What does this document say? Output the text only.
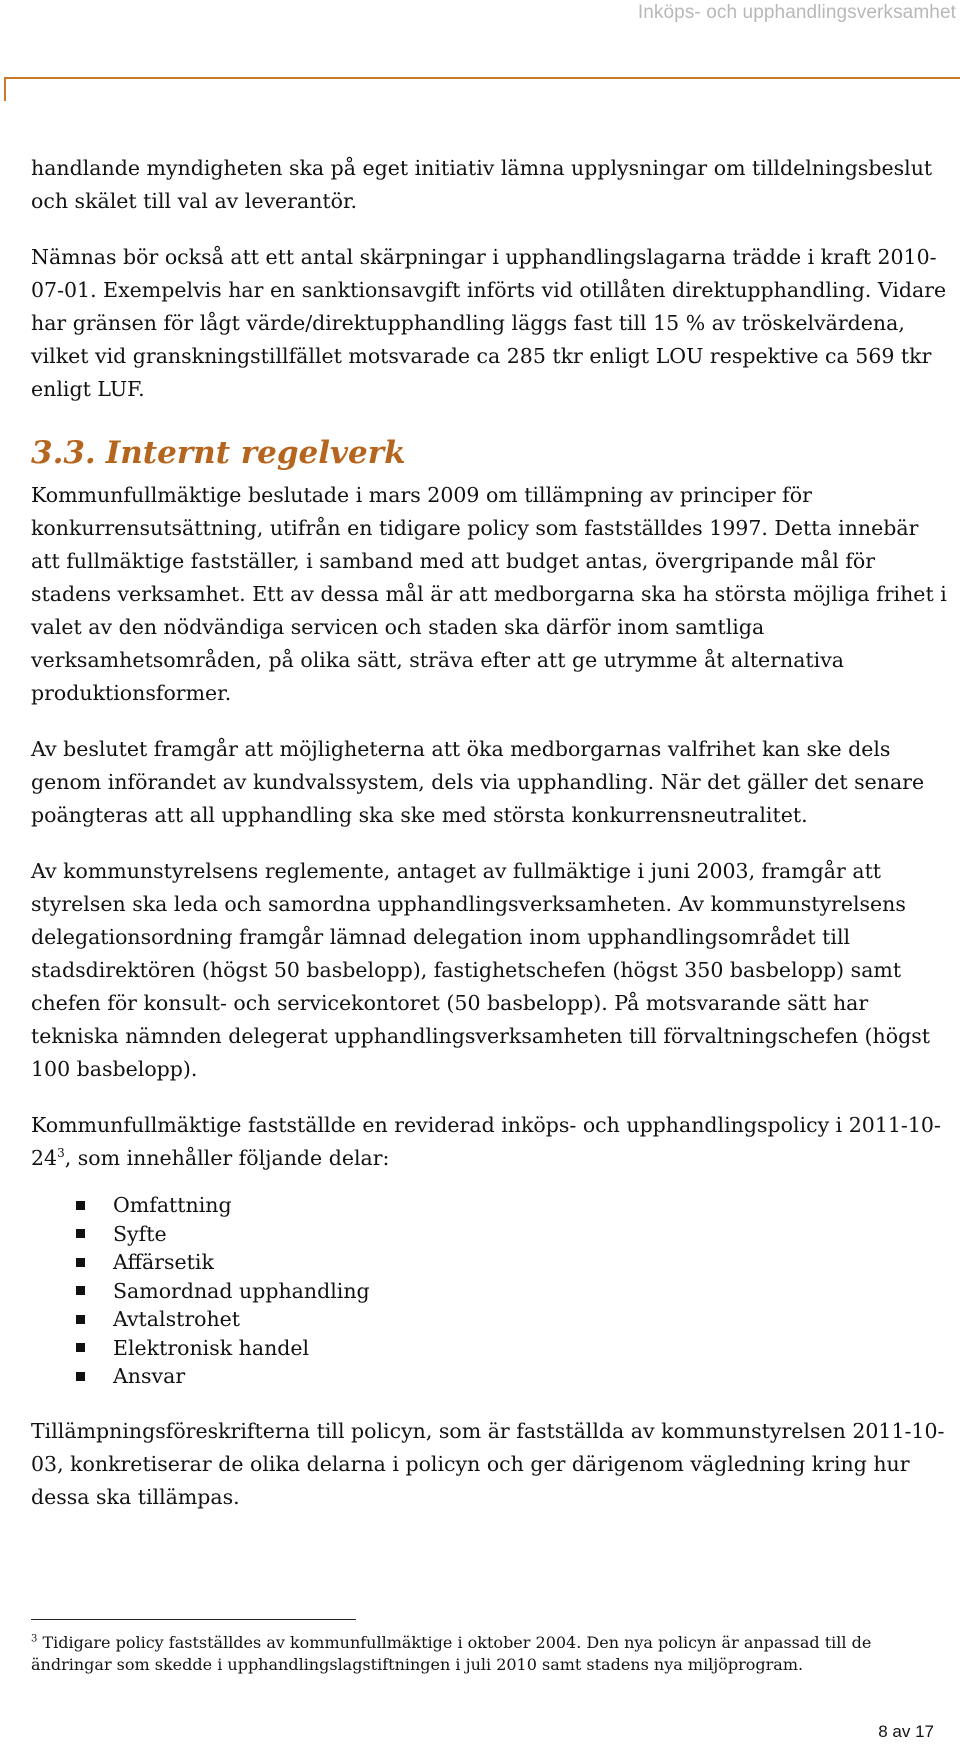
Inköps- och upphandlingsverksamhet

handlande myndigheten ska på eget initiativ lämna upplysningar om tilldelningsbeslut och skälet till val av leverantör.

Nämnas bör också att ett antal skärpningar i upphandlingslagarna trädde i kraft 2010-07-01. Exempelvis har en sanktionsavgift införts vid otillåten direktupphandling. Vidare har gränsen för lågt värde/direktupphandling läggs fast till 15 % av tröskelvärdena, vilket vid granskningstillfället motsvarade ca 285 tkr enligt LOU respektive ca 569 tkr enligt LUF.

3.3. Internt regelverk

Kommunfullmäktige beslutade i mars 2009 om tillämpning av principer för konkurrensutsättning, utifrån en tidigare policy som fastställdes 1997. Detta innebär att fullmäktige fastställer, i samband med att budget antas, övergripande mål för stadens verksamhet. Ett av dessa mål är att medborgarna ska ha största möjliga frihet i valet av den nödvändiga servicen och staden ska därför inom samtliga verksamhetsområden, på olika sätt, sträva efter att ge utrymme åt alternativa produktionsformer.

Av beslutet framgår att möjligheterna att öka medborgarnas valfrihet kan ske dels genom införandet av kundvalssystem, dels via upphandling. När det gäller det senare poängteras att all upphandling ska ske med största konkurrensneutralitet.

Av kommunstyrelsens reglemente, antaget av fullmäktige i juni 2003, framgår att styrelsen ska leda och samordna upphandlingsverksamheten. Av kommunstyrelsens delegationsordning framgår lämnad delegation inom upphandlingsområdet till stadsdirektören (högst 50 basbelopp), fastighetschefen (högst 350 basbelopp) samt chefen för konsult- och servicekontoret (50 basbelopp). På motsvarande sätt har tekniska nämnden delegerat upphandlingsverksamheten till förvaltningschefen (högst 100 basbelopp).

Kommunfullmäktige fastställde en reviderad inköps- och upphandlingspolicy i $2011-10-24^3$, som innehåller följande delar:

Omfattning
Syfte
Affärsetik
Samordnad upphandling
Avtalstrohet
Elektronisk handel
Ansvar

Tillämpningsföreskrifterna till policyn, som är fastställda av kommunstyrelsen 2011-10-03, konkretiserar de olika delarna i policyn och ger därigenom vägledning kring hur dessa ska tillämpas.

$^3$ Tidigare policy fastställdes av kommunfullmäktige i oktober 2004. Den nya policyn är anpassad till de ändringar som skedde i upphandlingslagstiftningen i juli 2010 samt stadens nya miljöprogram.
8 av 17
